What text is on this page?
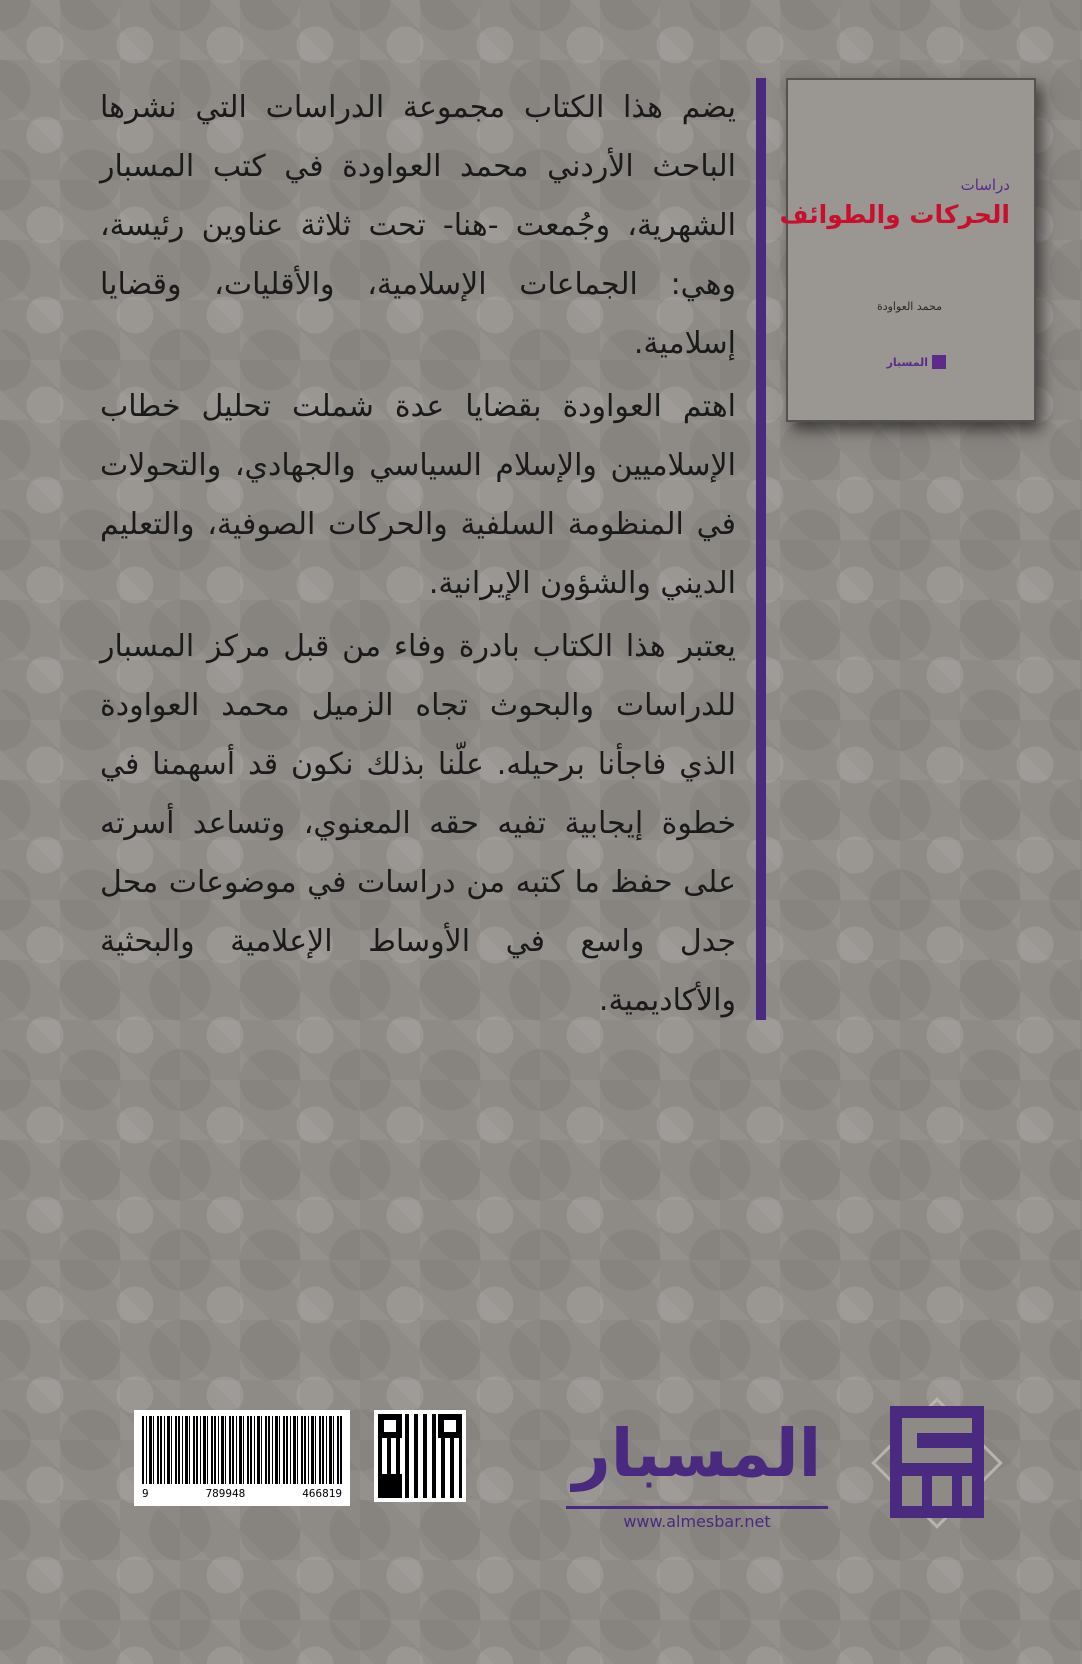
يضم هذا الكتاب مجموعة الدراسات التي نشرها الباحث الأردني محمد العواودة في كتب المسبار الشهرية، وجُمعت -هنا- تحت ثلاثة عناوين رئيسة، وهي: الجماعات الإسلامية، والأقليات، وقضايا إسلامية.

اهتم العواودة بقضايا عدة شملت تحليل خطاب الإسلاميين والإسلام السياسي والجهادي، والتحولات في المنظومة السلفية والحركات الصوفية، والتعليم الديني والشؤون الإيرانية.

يعتبر هذا الكتاب بادرة وفاء من قبل مركز المسبار للدراسات والبحوث تجاه الزميل محمد العواودة الذي فاجأنا برحيله. علّنا بذلك نكون قد أسهمنا في خطوة إيجابية تفيه حقه المعنوي، وتساعد أسرته على حفظ ما كتبه من دراسات في موضوعات محل جدل واسع في الأوساط الإعلامية والبحثية والأكاديمية.

دراسات
الحركات والطوائف
محمد العواودة
المسبار
9	789948	466819
المسبار
www.almesbar.net
